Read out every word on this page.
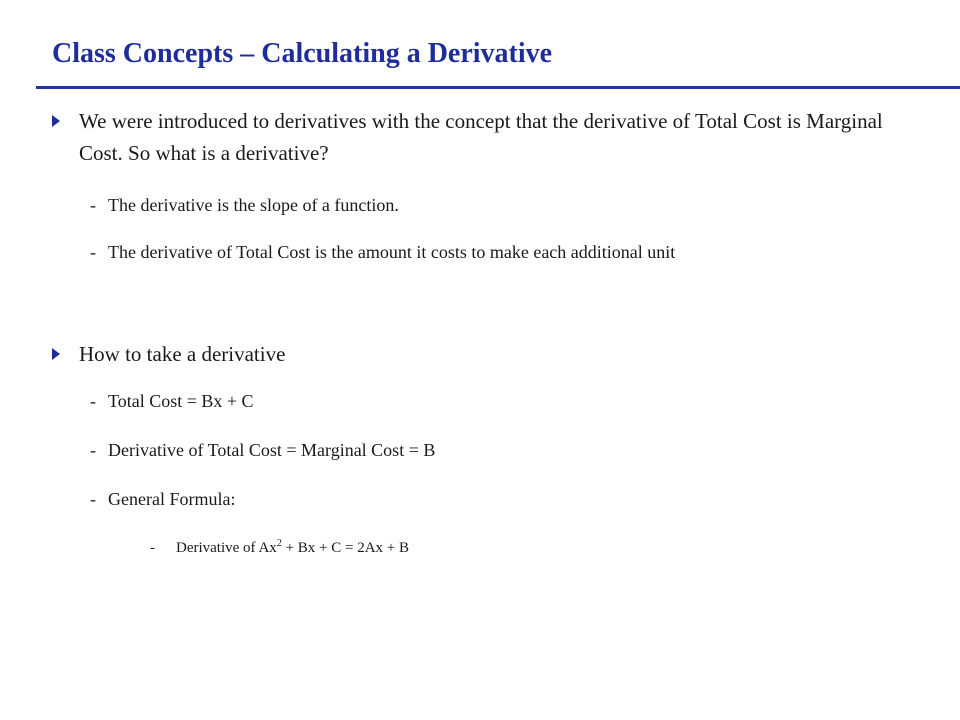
Class Concepts – Calculating a Derivative
We were introduced to derivatives with the concept that the derivative of Total Cost is Marginal Cost. So what is a derivative?
- The derivative is the slope of a function.
- The derivative of Total Cost is the amount it costs to make each additional unit
How to take a derivative
- Total Cost = Bx + C
- Derivative of Total Cost = Marginal Cost = B
- General Formula:
- Derivative of $Ax^2 + Bx + C = 2Ax + B$
